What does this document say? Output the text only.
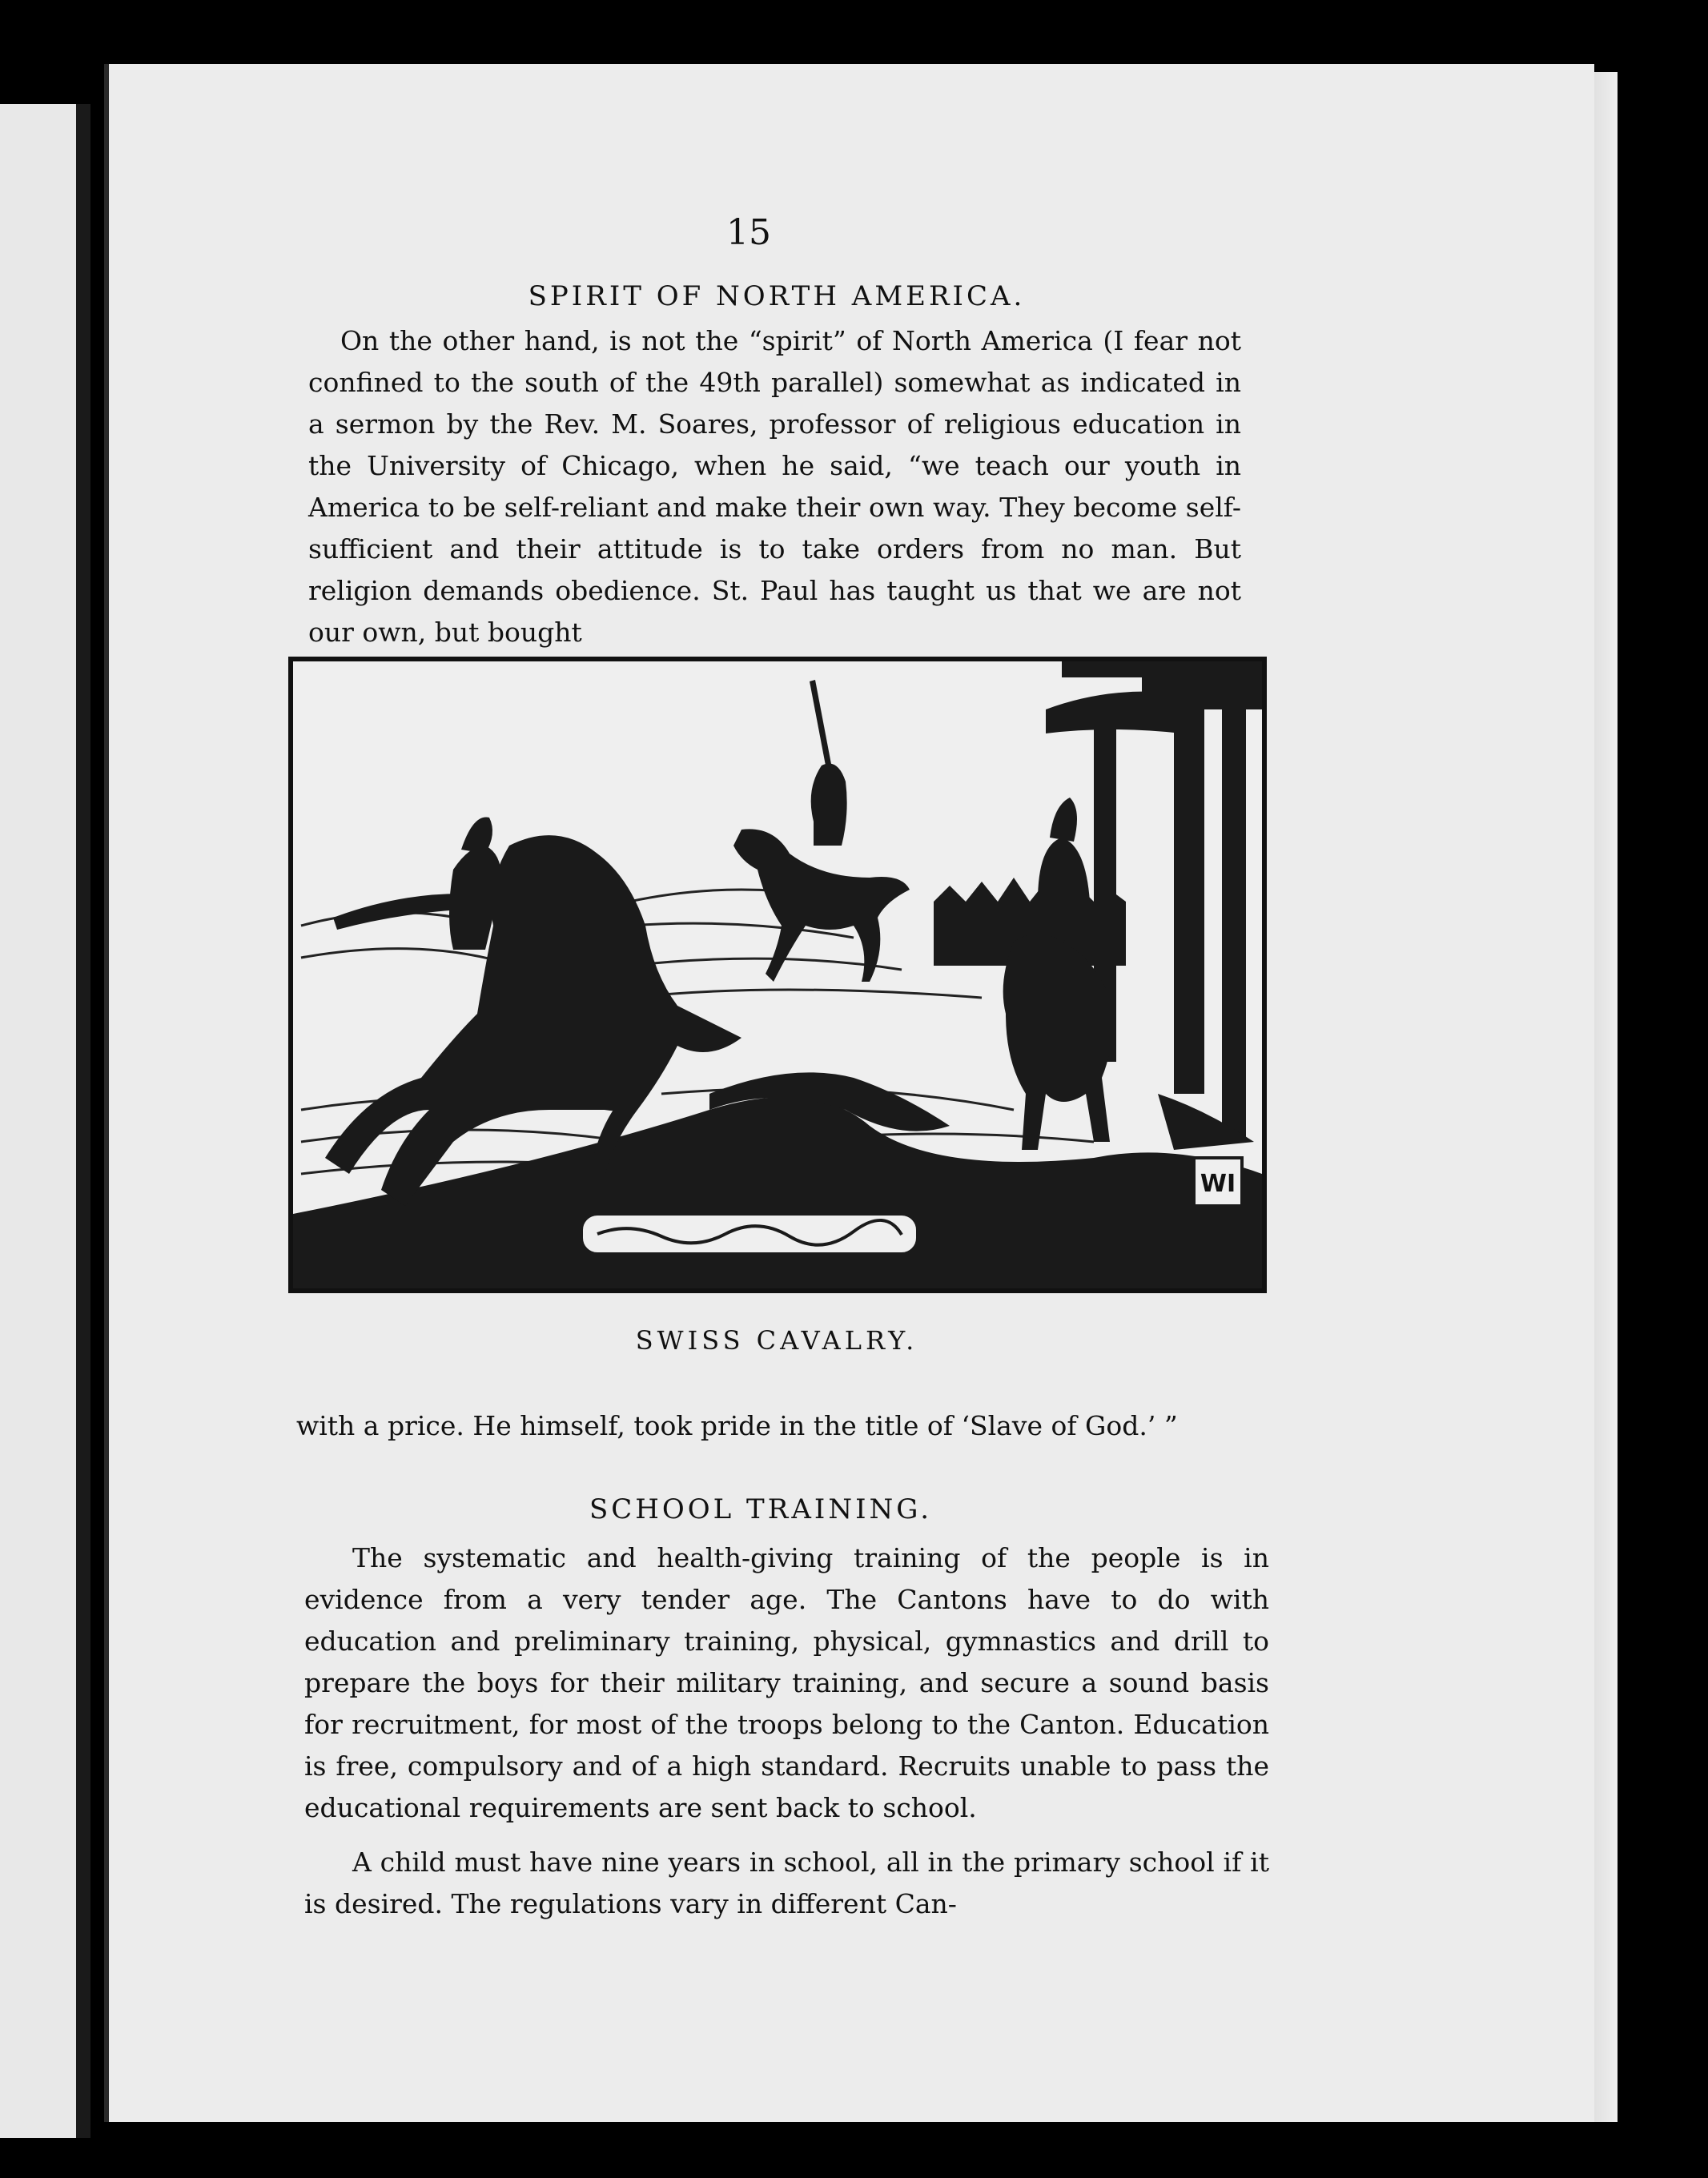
15
SPIRIT OF NORTH AMERICA.

On the other hand, is not the “spirit” of North America (I fear not confined to the south of the 49th parallel) somewhat as indicated in a sermon by the Rev. M. Soares, professor of religious education in the University of Chicago, when he said, “we teach our youth in America to be self-reliant and make their own way. They become self-sufficient and their attitude is to take orders from no man. But religion demands obedience. St. Paul has taught us that we are not our own, but bought

WI
SWISS CAVALRY.

with a price. He himself, took pride in the title of ‘Slave of God.’ ”

SCHOOL TRAINING.

The systematic and health-giving training of the people is in evidence from a very tender age. The Cantons have to do with education and preliminary training, physical, gymnastics and drill to prepare the boys for their military training, and secure a sound basis for recruitment, for most of the troops belong to the Canton. Education is free, compulsory and of a high standard. Recruits unable to pass the educational requirements are sent back to school.

A child must have nine years in school, all in the primary school if it is desired. The regulations vary in different Can-
